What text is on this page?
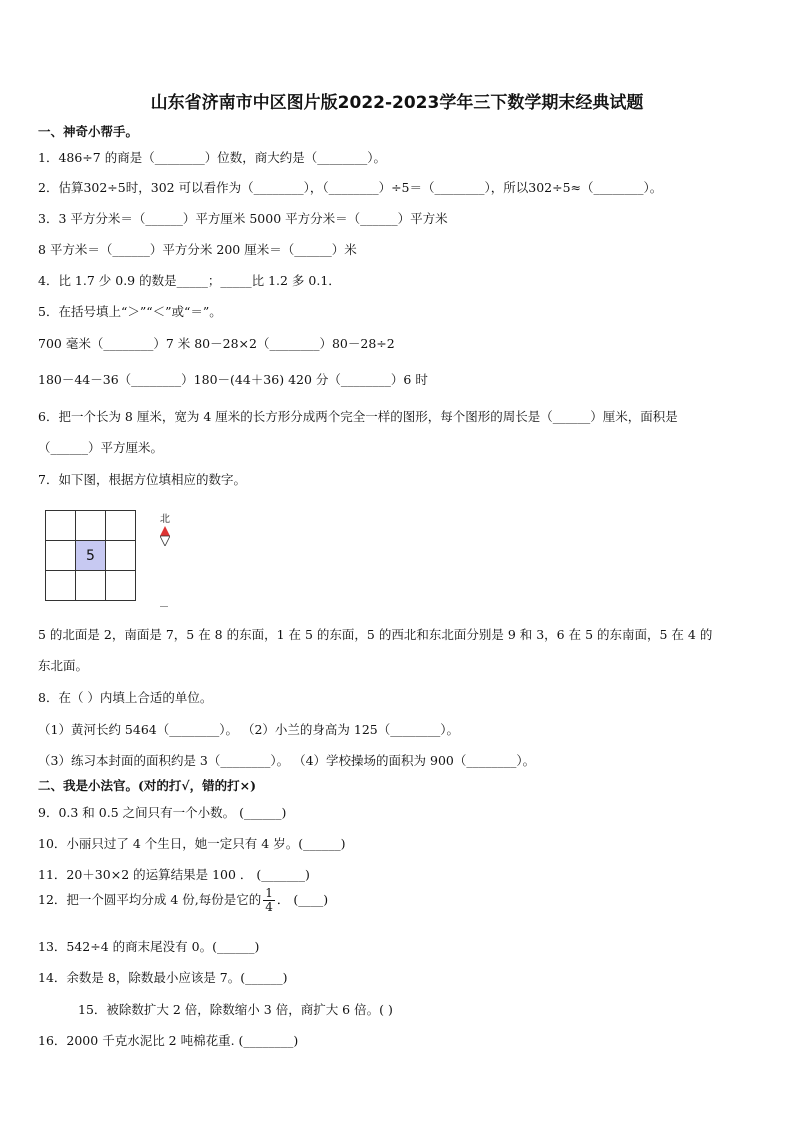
山东省济南市中区图片版2022-2023学年三下数学期末经典试题
一、神奇小帮手。
1．486÷7 的商是（________）位数，商大约是（________）。
2．估算302÷5时，302 可以看作为（________），（________）÷5＝（________），所以302÷5≈（________）。
3．3 平方分米＝（______）平方厘米 5000 平方分米＝（______）平方米
8 平方米＝（______）平方分米 200 厘米＝（______）米
4．比 1.7 少 0.9 的数是_____；_____比 1.2 多 0.1．
5．在括号填上“＞”“＜”或“＝”。
700 毫米（________）7 米 80－28×2（________）80－28÷2
180－44－36（________）180－(44＋36) 420 分（________）6 时
6．把一个长为 8 厘米，宽为 4 厘米的长方形分成两个完全一样的图形，每个图形的周长是（______）厘米，面积是
（______）平方厘米。
7．如下图，根据方位填相应的数字。

	5	

北
5 的北面是 2，南面是 7，5 在 8 的东面，1 在 5 的东面，5 的西北和东北面分别是 9 和 3，6 在 5 的东南面，5 在 4 的
东北面。
8．在（ ）内填上合适的单位。
（1）黄河长约 5464（________）。 （2）小兰的身高为 125（________）。
（3）练习本封面的面积约是 3（________）。 （4）学校操场的面积为 900（________）。
二、我是小法官。(对的打√，错的打×)
9．0.3 和 0.5 之间只有一个小数。 (______)
10．小丽只过了 4 个生日，她一定只有 4 岁。(______)
11．20＋30×2 的运算结果是 100 ． (_______)
12．把一个圆平均分成 4 份,每份是它的 $\frac{1}{4}$ ． (____)
13．542÷4 的商末尾没有 0。(______)
14．余数是 8，除数最小应该是 7。(______)
15．被除数扩大 2 倍，除数缩小 3 倍，商扩大 6 倍。( )
16．2000 千克水泥比 2 吨棉花重. (________)
